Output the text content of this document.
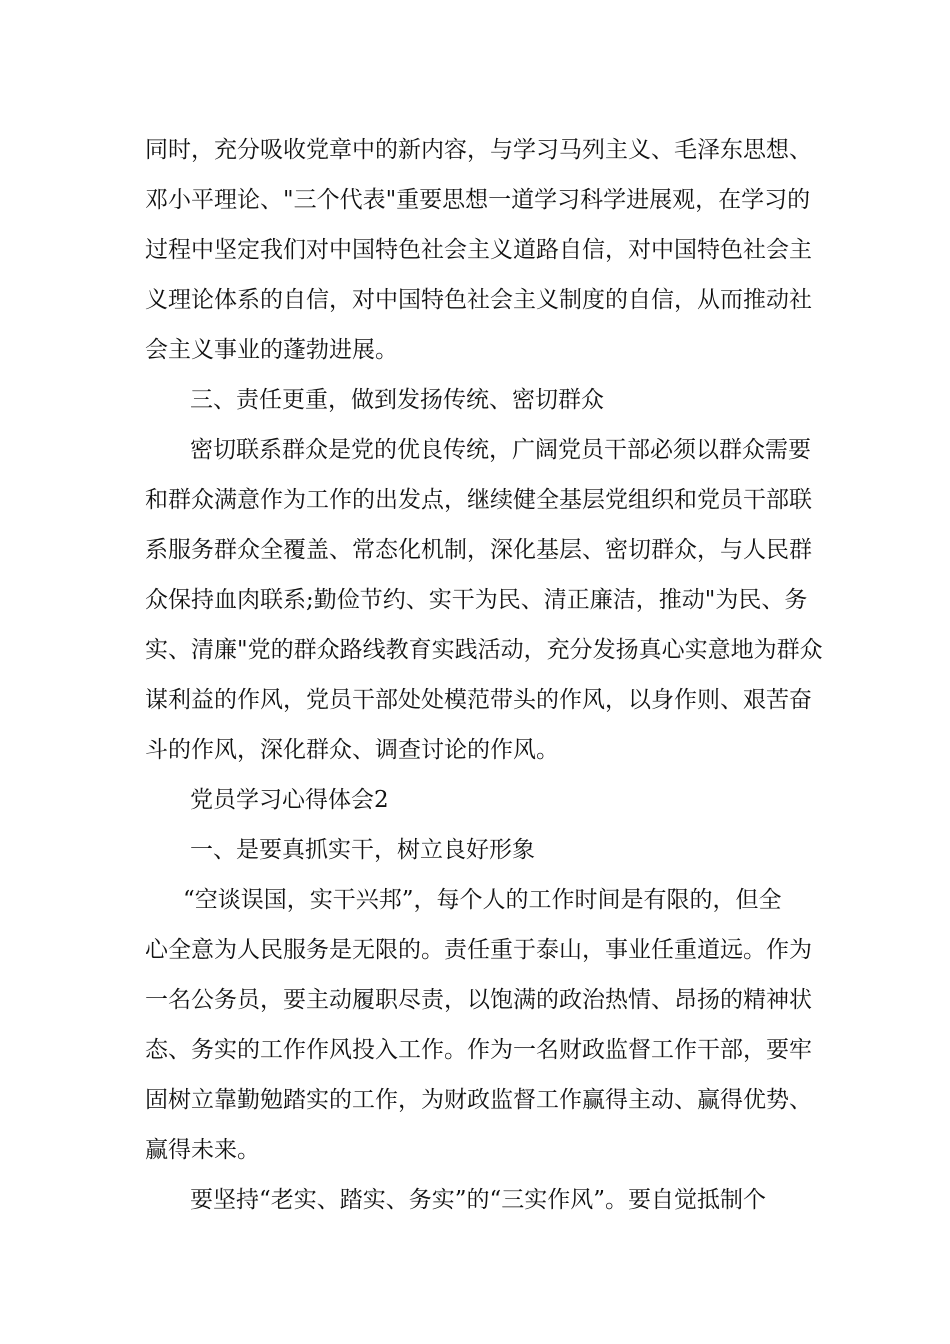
同时，充分吸收党章中的新内容，与学习马列主义、毛泽东思想、
邓小平理论、"三个代表"重要思想一道学习科学进展观，在学习的
过程中坚定我们对中国特色社会主义道路自信，对中国特色社会主
义理论体系的自信，对中国特色社会主义制度的自信，从而推动社
会主义事业的蓬勃进展。
三、责任更重，做到发扬传统、密切群众
密切联系群众是党的优良传统，广阔党员干部必须以群众需要
和群众满意作为工作的出发点，继续健全基层党组织和党员干部联
系服务群众全覆盖、常态化机制，深化基层、密切群众，与人民群
众保持血肉联系;勤俭节约、实干为民、清正廉洁，推动"为民、务
实、清廉"党的群众路线教育实践活动，充分发扬真心实意地为群众
谋利益的作风，党员干部处处模范带头的作风，以身作则、艰苦奋
斗的作风，深化群众、调查讨论的作风。
党员学习心得体会2
一、是要真抓实干，树立良好形象
“空谈误国，实干兴邦”，每个人的工作时间是有限的，但全
心全意为人民服务是无限的。责任重于泰山，事业任重道远。作为
一名公务员，要主动履职尽责，以饱满的政治热情、昂扬的精神状
态、务实的工作作风投入工作。作为一名财政监督工作干部，要牢
固树立靠勤勉踏实的工作，为财政监督工作赢得主动、赢得优势、
赢得未来。
要坚持“老实、踏实、务实”的“三实作风”。要自觉抵制个
